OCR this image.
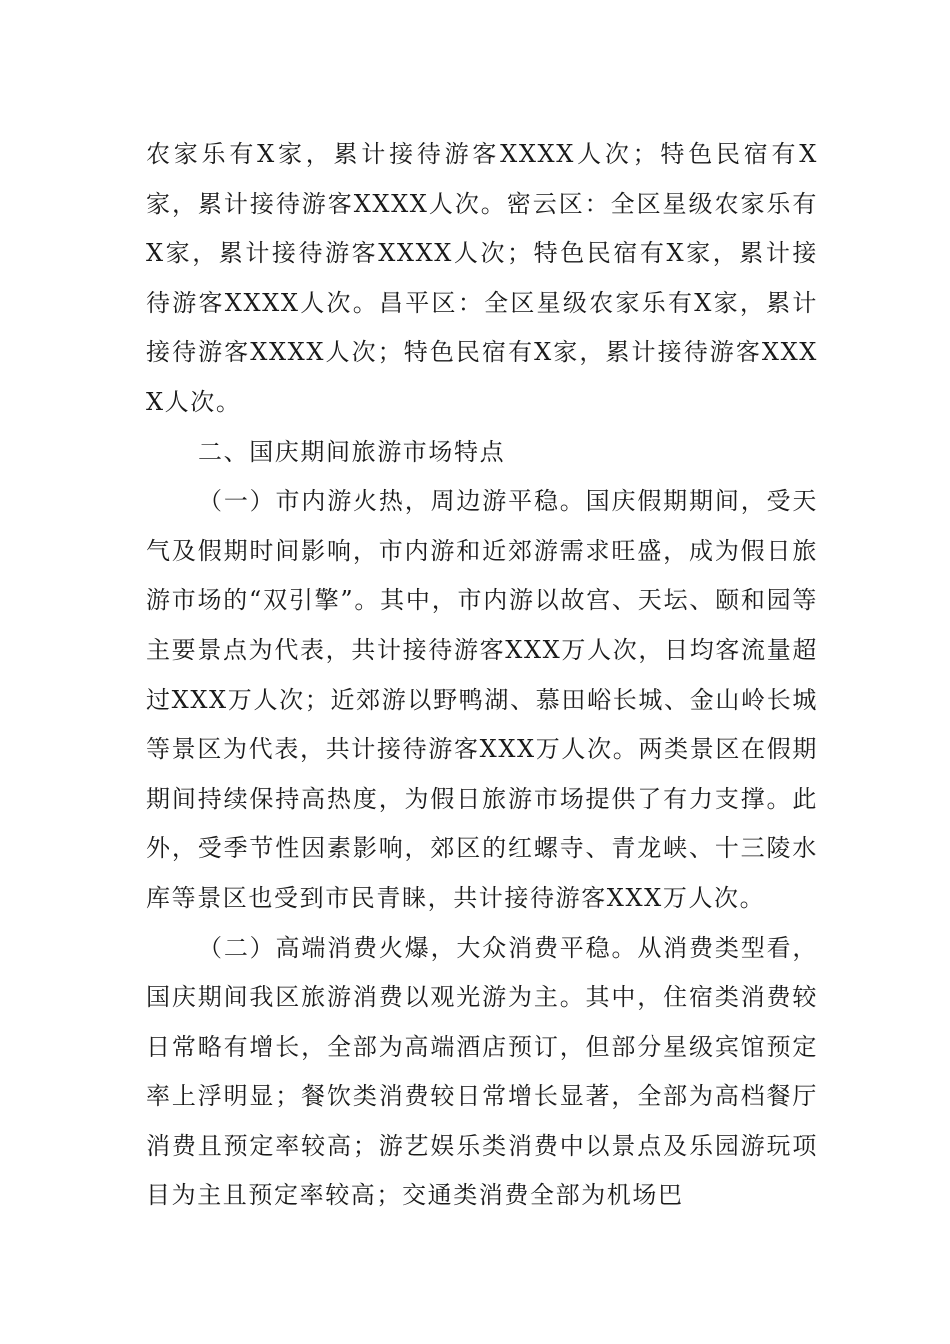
农家乐有X家，累计接待游客XXXX人次；特色民宿有X家，累计接待游客XXXX人次。密云区：全区星级农家乐有X家，累计接待游客XXXX人次；特色民宿有X家，累计接待游客XXXX人次。昌平区：全区星级农家乐有X家，累计接待游客XXXX人次；特色民宿有X家，累计接待游客XXXX人次。

二、国庆期间旅游市场特点

（一）市内游火热，周边游平稳。国庆假期期间，受天气及假期时间影响，市内游和近郊游需求旺盛，成为假日旅游市场的“双引擎”。其中，市内游以故宫、天坛、颐和园等主要景点为代表，共计接待游客XXX万人次，日均客流量超过XXX万人次；近郊游以野鸭湖、慕田峪长城、金山岭长城等景区为代表，共计接待游客XXX万人次。两类景区在假期期间持续保持高热度，为假日旅游市场提供了有力支撑。此外，受季节性因素影响，郊区的红螺寺、青龙峡、十三陵水库等景区也受到市民青睐，共计接待游客XXX万人次。

（二）高端消费火爆，大众消费平稳。从消费类型看，国庆期间我区旅游消费以观光游为主。其中，住宿类消费较日常略有增长，全部为高端酒店预订，但部分星级宾馆预定率上浮明显；餐饮类消费较日常增长显著，全部为高档餐厅消费且预定率较高；游艺娱乐类消费中以景点及乐园游玩项目为主且预定率较高；交通类消费全部为机场巴
